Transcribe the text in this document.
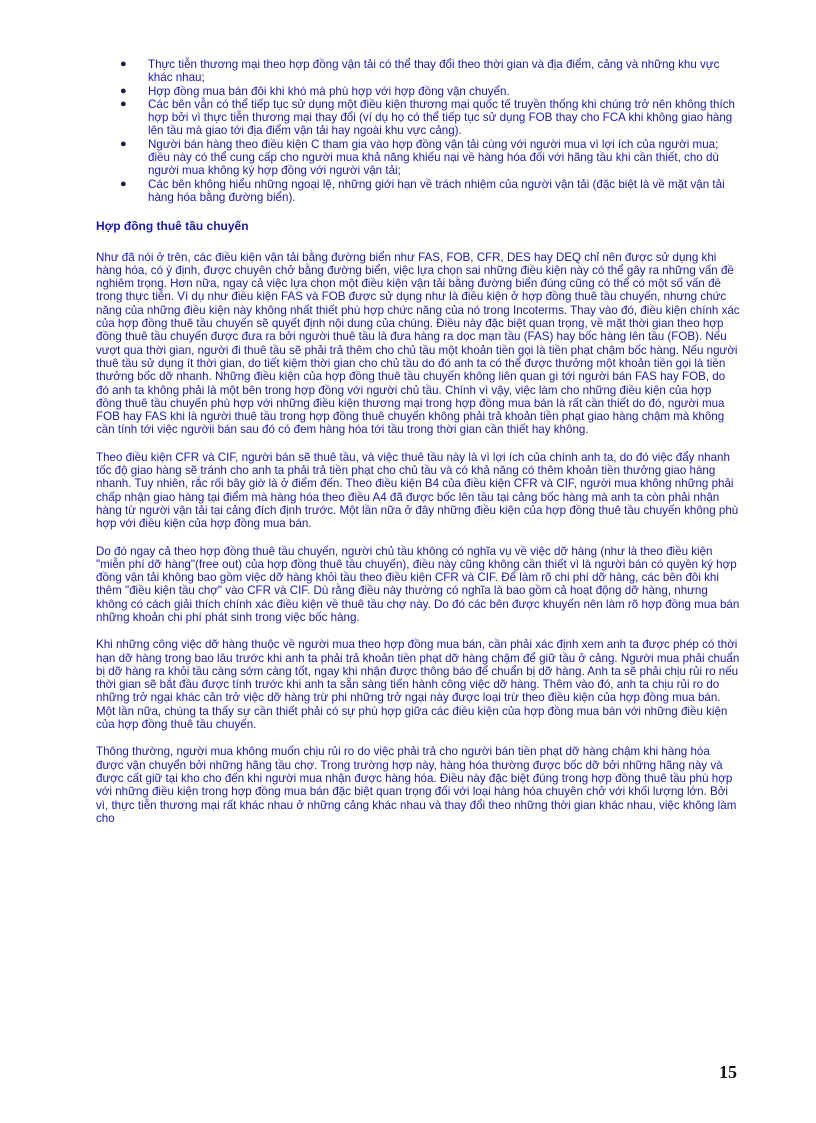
● Thực tiễn thương mại theo hợp đồng vận tải có thể thay đổi theo thời gian và địa điểm, cảng và những khu vực khác nhau;
● Hợp đồng mua bán đôi khi khó mà phù hợp với hợp đồng vận chuyển.
● Các bên vẫn có thể tiếp tục sử dụng một điều kiện thương mại quốc tế truyền thống khi chúng trở nên không thích hợp bởi vì thực tiễn thương mại thay đổi (ví dụ họ có thể tiếp tục sử dụng FOB thay cho FCA khi không giao hàng lên tầu mà giao tới địa điểm vận tải hay ngoài khu vực cảng).
● Người bán hàng theo điều kiện C tham gia vào hợp đồng vận tải cùng với người mua vì lợi ích của người mua; điều này có thể cung cấp cho người mua khả năng khiếu nại về hàng hóa đối với hãng tầu khi cần thiết, cho dù người mua không ký hợp đồng với người vận tải;
● Các bên không hiểu những ngoại lệ, những giới hạn về trách nhiệm của người vận tải (đặc biệt là về mặt vận tải hàng hóa bằng đường biển).
Hợp đồng thuê tầu chuyến

Như đã nói ở trên, các điều kiện vận tải bằng đường biển như FAS, FOB, CFR, DES hay DEQ chỉ nên được sử dụng khi hàng hóa, có ý định, được chuyên chở bằng đường biển, việc lựa chọn sai những điều kiện này có thể gây ra những vấn đề nghiêm trọng. Hơn nữa, ngay cả việc lựa chọn một điều kiện vận tải bằng đường biển đúng cũng có thể có một số vấn đề trong thực tiễn. Ví dụ như điều kiện FAS và FOB được sử dụng như là điều kiện ở hợp đồng thuê tầu chuyến, nhưng chức năng của những điều kiện này không nhất thiết phù hợp chức năng của nó trong Incoterms. Thay vào đó, điều kiện chính xác của hợp đồng thuê tầu chuyến sẽ quyết định nội dung của chúng. Điều này đặc biệt quan trọng, về mặt thời gian theo hợp đồng thuê tầu chuyến được đưa ra bởi người thuê tầu là đưa hàng ra dọc mạn tầu (FAS) hay bốc hàng lên tầu (FOB). Nếu vượt qua thời gian, người đi thuê tầu sẽ phải trả thêm cho chủ tầu một khoản tiền gọi là tiền phạt chậm bốc hàng. Nếu người thuê tầu sử dụng ít thời gian, do tiết kiệm thời gian cho chủ tầu do đó anh ta có thể được thưởng một khoản tiền gọi là tiền thưởng bốc dỡ nhanh. Những điều kiện của hợp đồng thuê tầu chuyến không liên quan gì tới người bán FAS hay FOB, do đó anh ta không phải là một bên trong hợp đồng với người chủ tầu. Chính vì vậy, việc làm cho những điều kiện của hợp đồng thuê tầu chuyến phù hợp với những điều kiện thương mại trong hợp đồng mua bán là rất cần thiết do đó, người mua FOB hay FAS khi là người thuê tầu trong hợp đồng thuê chuyến không phải trả khoản tiền phạt giao hàng chậm mà không cần tính tới việc ngườii bán sau đó có đem hàng hóa tới tầu trong thời gian cần thiết hay không.

Theo điều kiện CFR và CIF, người bán sẽ thuê tầu, và việc thuê tầu này là vì lợi ích của chính anh ta, do đó việc đẩy nhanh tốc độ giao hàng sẽ tránh cho anh ta phải trả tiền phạt cho chủ tầu và có khả năng có thêm khoản tiền thưởng giao hàng nhanh. Tuy nhiên, rắc rối bây giờ là ở điểm đến. Theo điều kiện B4 của điều kiện CFR và CIF, người mua không những phải chấp nhận giao hàng tại điểm mà hàng hóa theo điều A4 đã được bốc lên tầu tại cảng bốc hàng mà anh ta còn phải nhận hàng từ người vận tải tại cảng đích định trước. Một lần nữa ở đây những điều kiện của hợp đồng thuê tầu chuyến không phù hợp với điều kiện của hợp đồng mua bán.

Do đó ngay cả theo hợp đồng thuê tầu chuyến, người chủ tầu không có nghĩa vụ về việc dỡ hàng (như là theo điều kiện "miễn phí dỡ hàng"(free out) của hợp đồng thuê tầu chuyến), điều này cũng không cần thiết vì là người bán có quyền ký hợp đồng vận tải không bao gồm việc dỡ hàng khỏi tầu theo điều kiện CFR và CIF. Để làm rõ chi phí dỡ hàng, các bên đôi khi thêm "điều kiện tầu chợ" vào CFR và CIF. Dù rằng điều này thường có nghĩa là bao gồm cả hoạt động dỡ hàng, nhưng không có cách giải thích chính xác điều kiện về thuê tầu chợ này. Do đó các bên được khuyến nên làm rõ hợp đồng mua bán những khoản chi phí phát sinh trong việc bốc hàng.

Khi những công việc dỡ hàng thuộc về người mua theo hợp đồng mua bán, cần phải xác định xem anh ta được phép có thời hạn dỡ hàng trong bao lâu trước khi anh ta phải trả khoản tiền phạt dỡ hàng chậm để giữ tầu ở cảng. Người mua phải chuẩn bị dỡ hàng ra khỏi tầu càng sớm càng tốt, ngay khi nhận được thông báo để chuẩn bị dỡ hàng. Anh ta sẽ phải chịu rủi ro nếu thời gian sẽ bắt đầu được tính trước khi anh ta sẵn sàng tiến hành công việc dỡ hàng. Thêm vào đó, anh ta chịu rủi ro do những trở ngại khác cản trở việc dỡ hàng trừ phi những trở ngại này được loại trừ theo điều kiện của hợp đồng mua bán. Một lần nữa, chúng ta thấy sự cần thiết phải có sự phù hợp giữa các điều kiện của hợp đồng mua bán với những điều kiện của hợp đồng thuê tầu chuyến.

Thông thường, người mua không muốn chịu rủi ro do việc phải trả cho người bán tiền phạt dỡ hàng chậm khi hàng hóa được vận chuyển bởi những hãng tầu chợ. Trong trường hợp này, hàng hóa thường được bốc dỡ bởi những hãng này và được cất giữ tại kho cho đến khi người mua nhận được hàng hóa. Điều này đặc biệt đúng trong hợp đồng thuê tầu phù hợp với những điều kiện trong hợp đồng mua bán đặc biệt quan trọng đối với loại hàng hóa chuyên chở với khối lượng lớn. Bởi vì, thực tiễn thương mại rất khác nhau ở những cảng khác nhau và thay đổi theo những thời gian khác nhau, việc không làm cho

15
